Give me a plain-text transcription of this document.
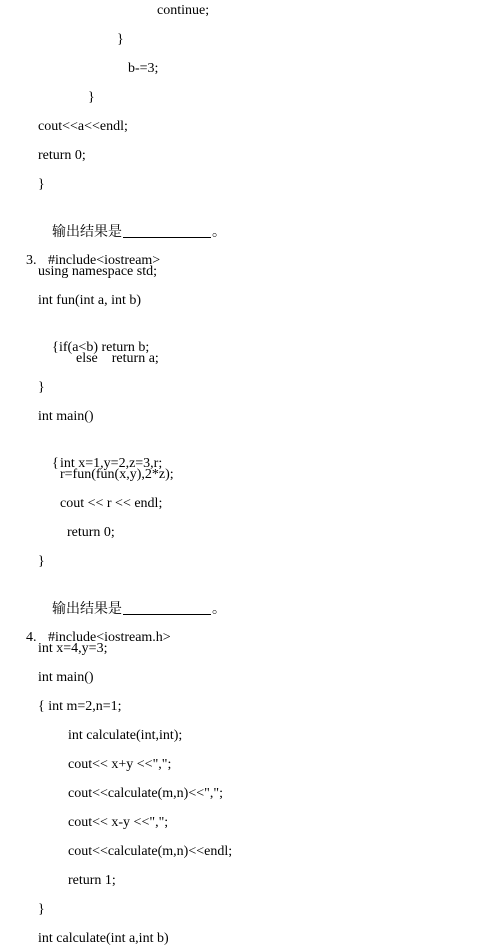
continue;
}
b-=3;
}
cout<<a<<endl;
return 0;
}

输出结果是	。

3. #include<iostream>

using namespace std;
int fun(int a, int b)

{ if(a<b) return b;

else    return a;
}
int main()

{ int x=1,y=2,z=3,r;

r=fun(fun(x,y),2*z);
cout << r << endl;
return 0;
}

输出结果是	。

4. #include<iostream.h>

int x=4,y=3;
int main()
{ int m=2,n=1;
int calculate(int,int);
cout<< x+y <<",";
cout<<calculate(m,n)<<",";
cout<< x-y <<",";
cout<<calculate(m,n)<<endl;
return 1;
}
int calculate(int a,int b)
